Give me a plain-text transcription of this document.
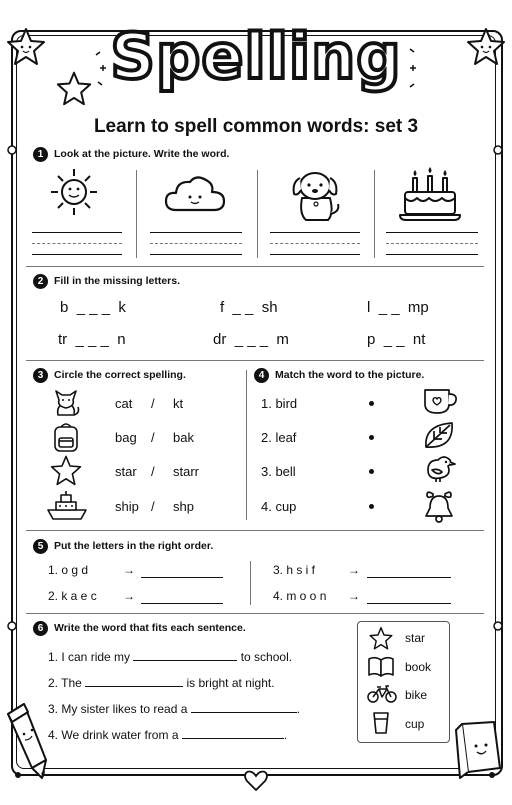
Spelling
Learn to spell common words: set 3
1	Look at the picture. Write the word.
2	Fill in the missing letters.
b _ _ _ k	f _ _ sh	l _ _ mp
tr _ _ _ n	dr _ _ _ m	p _ _ nt
3	Circle the correct spelling.
cat / kt
bag / bak
star / starr
ship / shp
4	Match the word to the picture.
1. bird
2. leaf
3. bell
4. cup
5	Put the letters in the right order.
1. o g d	→	3. h s i f	→
2. k a e c →	4. m o o n →
6	Write the word that fits each sentence.
1. I can ride my	to school.
2. The	is bright at night.
3. My sister likes to read a	.
4. We drink water from a	.
star
book
bike
cup
